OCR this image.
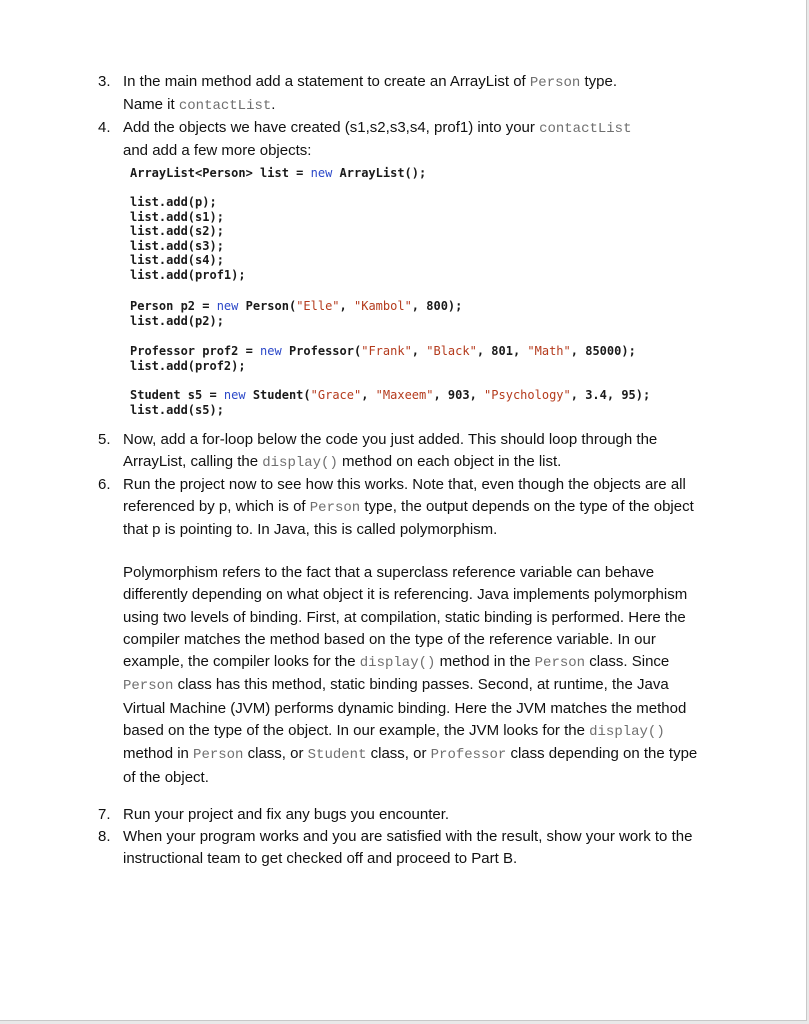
3. In the main method add a statement to create an ArrayList of Person type.
Name it contactList.
4. Add the objects we have created (s1,s2,s3,s4, prof1) into your contactList
and add a few more objects:
ArrayList<Person> list = new ArrayList();
list.add(p);
list.add(s1);
list.add(s2);
list.add(s3);
list.add(s4);
list.add(prof1);
Person p2 = new Person("Elle", "Kambol", 800);
list.add(p2);
Professor prof2 = new Professor("Frank", "Black", 801, "Math", 85000);
list.add(prof2);
Student s5 = new Student("Grace", "Maxeem", 903, "Psychology", 3.4, 95);
list.add(s5);
5. Now, add a for-loop below the code you just added. This should loop through the ArrayList, calling the display() method on each object in the list.
6. Run the project now to see how this works. Note that, even though the objects are all referenced by p, which is of Person type, the output depends on the type of the object that p is pointing to. In Java, this is called polymorphism.
Polymorphism refers to the fact that a superclass reference variable can behave differently depending on what object it is referencing. Java implements polymorphism using two levels of binding. First, at compilation, static binding is performed. Here the compiler matches the method based on the type of the reference variable. In our example, the compiler looks for the display() method in the Person class. Since Person class has this method, static binding passes. Second, at runtime, the Java Virtual Machine (JVM) performs dynamic binding. Here the JVM matches the method based on the type of the object. In our example, the JVM looks for the display() method in Person class, or Student class, or Professor class depending on the type of the object.
7. Run your project and fix any bugs you encounter.
8. When your program works and you are satisfied with the result, show your work to the instructional team to get checked off and proceed to Part B.
